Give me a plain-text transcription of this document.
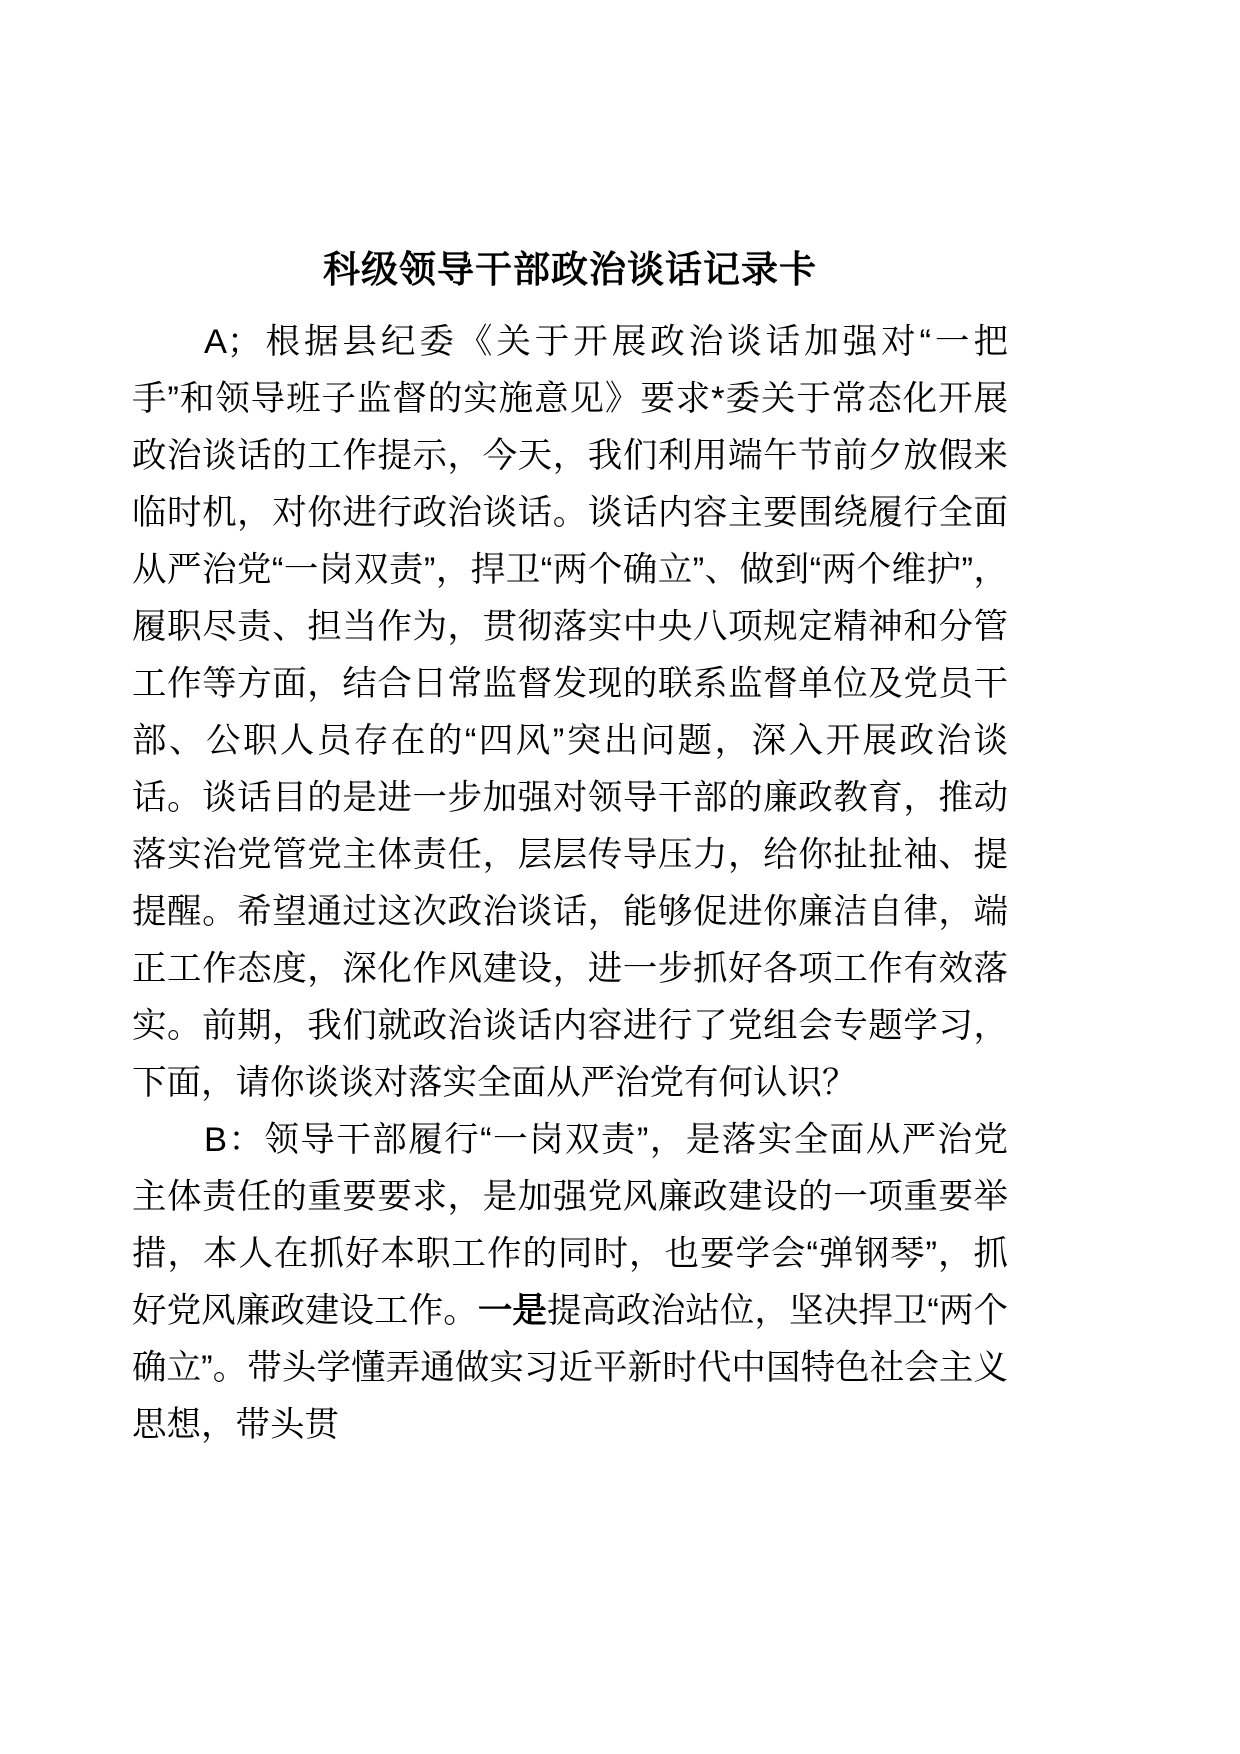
科级领导干部政治谈话记录卡

A；根据县纪委《关于开展政治谈话加强对“一把手”和领导班子监督的实施意见》要求*委关于常态化开展政治谈话的工作提示，今天，我们利用端午节前夕放假来临时机，对你进行政治谈话。谈话内容主要围绕履行全面从严治党“一岗双责”，捍卫“两个确立”、做到“两个维护”，履职尽责、担当作为，贯彻落实中央八项规定精神和分管工作等方面，结合日常监督发现的联系监督单位及党员干部、公职人员存在的“四风”突出问题，深入开展政治谈话。谈话目的是进一步加强对领导干部的廉政教育，推动落实治党管党主体责任，层层传导压力，给你扯扯袖、提提醒。希望通过这次政治谈话，能够促进你廉洁自律，端正工作态度，深化作风建设，进一步抓好各项工作有效落实。前期，我们就政治谈话内容进行了党组会专题学习，下面，请你谈谈对落实全面从严治党有何认识？

B：领导干部履行“一岗双责”，是落实全面从严治党主体责任的重要要求，是加强党风廉政建设的一项重要举措，本人在抓好本职工作的同时，也要学会“弹钢琴”，抓好党风廉政建设工作。一是提高政治站位，坚决捍卫“两个确立”。带头学懂弄通做实习近平新时代中国特色社会主义思想，带头贯
